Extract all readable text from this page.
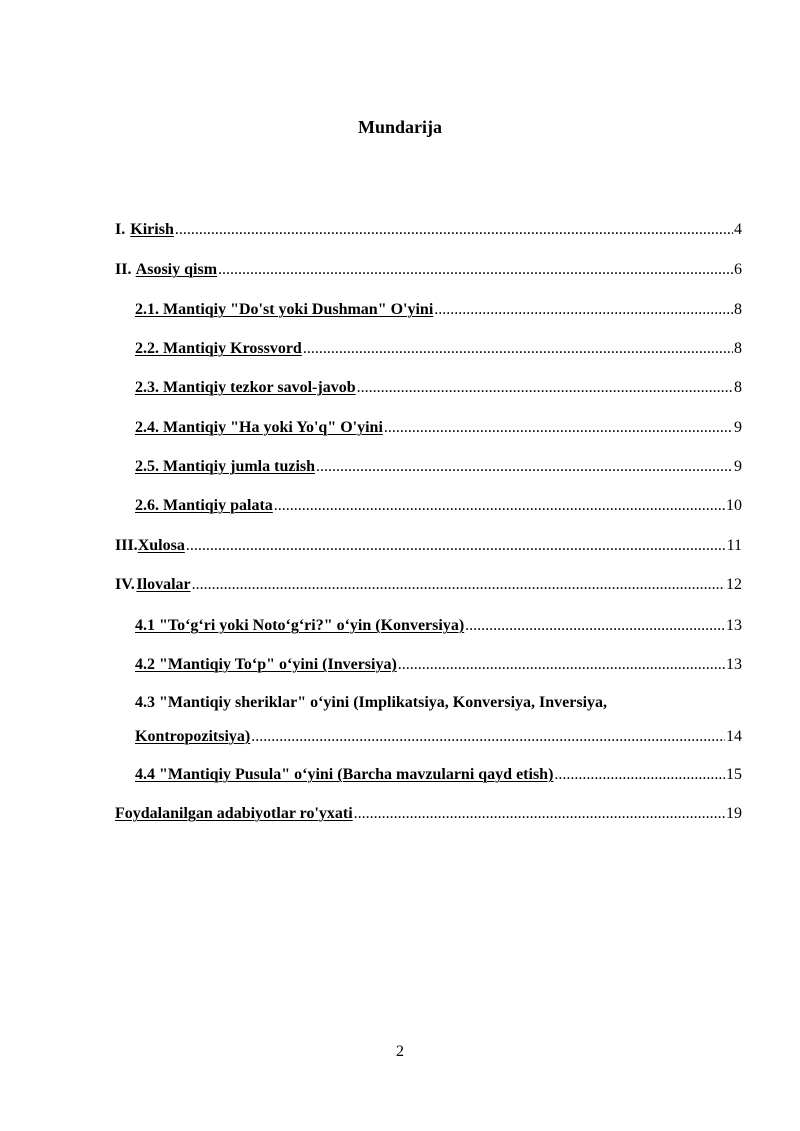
Mundarija
I. Kirish .....	4
II. Asosiy qism .....	6
2.1. Mantiqiy "Do'st yoki Dushman" O'yini .....	8
2.2. Mantiqiy Krossvord .....	8
2.3. Mantiqiy tezkor savol-javob .....	8
2.4. Mantiqiy "Ha yoki Yo'q" O'yini .....	9
2.5. Mantiqiy jumla tuzish .....	9
2.6. Mantiqiy palata .....	10
III. Xulosa .....	11
IV. Ilovalar .....	12
4.1 "To‘g‘ri yoki Noto‘g‘ri?" o‘yin (Konversiya) .....	13
4.2 "Mantiqiy To‘p" o‘yini (Inversiya) .....	13
4.3 "Mantiqiy sheriklar" o‘yini (Implikatsiya, Konversiya, Inversiya,
Kontropozitsiya) .....	14
4.4 "Mantiqiy Pusula" o‘yini (Barcha mavzularni qayd etish) .....	15
Foydalanilgan adabiyotlar ro'yxati .....	19
2
